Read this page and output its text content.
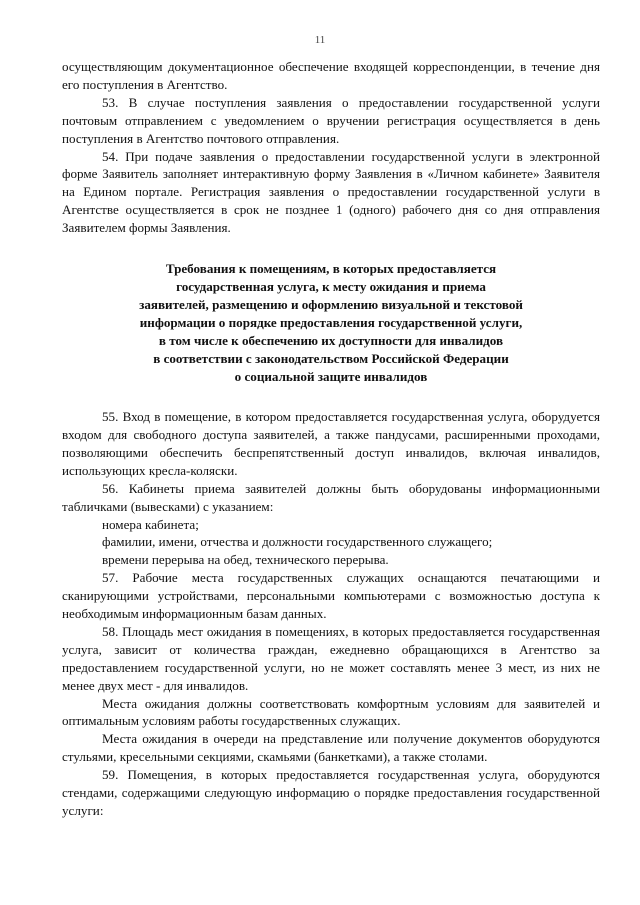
11

осуществляющим документационное обеспечение входящей корреспонденции, в течение дня его поступления в Агентство.

53. В случае поступления заявления о предоставлении государственной услуги почтовым отправлением с уведомлением о вручении регистрация осуществляется в день поступления в Агентство почтового отправления.

54. При подаче заявления о предоставлении государственной услуги в электронной форме Заявитель заполняет интерактивную форму Заявления в «Личном кабинете» Заявителя на Едином портале. Регистрация заявления о предоставлении государственной услуги в Агентстве осуществляется в срок не позднее 1 (одного) рабочего дня со дня отправления Заявителем формы Заявления.

Требования к помещениям, в которых предоставляется
государственная услуга, к месту ожидания и приема
заявителей, размещению и оформлению визуальной и текстовой
информации о порядке предоставления государственной услуги,
в том числе к обеспечению их доступности для инвалидов
в соответствии с законодательством Российской Федерации
о социальной защите инвалидов

55. Вход в помещение, в котором предоставляется государственная услуга, оборудуется входом для свободного доступа заявителей, а также пандусами, расширенными проходами, позволяющими обеспечить беспрепятственный доступ инвалидов, включая инвалидов, использующих кресла-коляски.

56. Кабинеты приема заявителей должны быть оборудованы информационными табличками (вывесками) с указанием:

номера кабинета;

фамилии, имени, отчества и должности государственного служащего;

времени перерыва на обед, технического перерыва.

57. Рабочие места государственных служащих оснащаются печатающими и сканирующими устройствами, персональными компьютерами с возможностью доступа к необходимым информационным базам данных.

58. Площадь мест ожидания в помещениях, в которых предоставляется государственная услуга, зависит от количества граждан, ежедневно обращающихся в Агентство за предоставлением государственной услуги, но не может составлять менее 3 мест, из них не менее двух мест - для инвалидов.

Места ожидания должны соответствовать комфортным условиям для заявителей и оптимальным условиям работы государственных служащих.

Места ожидания в очереди на представление или получение документов оборудуются стульями, кресельными секциями, скамьями (банкетками), а также столами.

59. Помещения, в которых предоставляется государственная услуга, оборудуются стендами, содержащими следующую информацию о порядке предоставления государственной услуги:
